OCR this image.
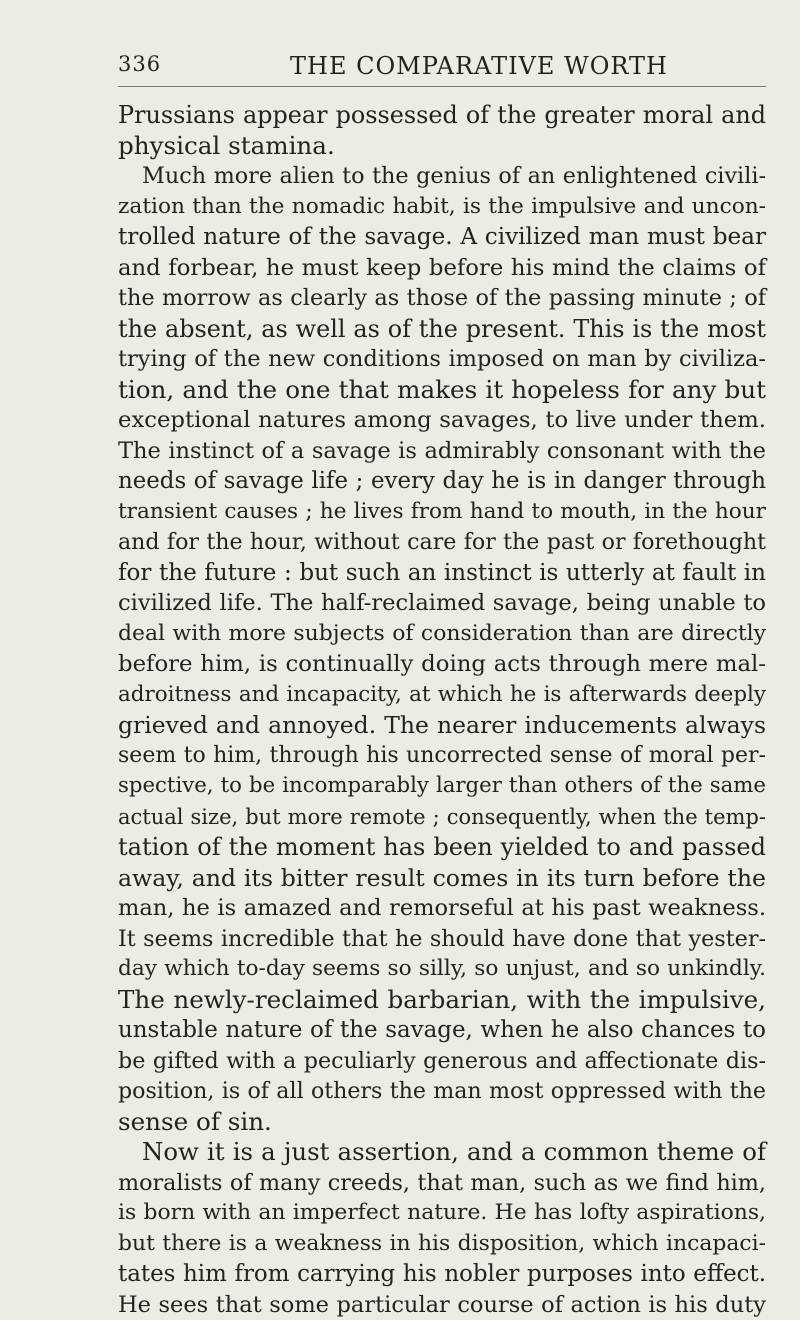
336	THE COMPARATIVE WORTH
Prussians appear possessed of the greater moral and
physical stamina.
Much more alien to the genius of an enlightened civili-
zation than the nomadic habit, is the impulsive and uncon-
trolled nature of the savage. A civilized man must bear
and forbear, he must keep before his mind the claims of
the morrow as clearly as those of the passing minute ; of
the absent, as well as of the present. This is the most
trying of the new conditions imposed on man by civiliza-
tion, and the one that makes it hopeless for any but
exceptional natures among savages, to live under them.
The instinct of a savage is admirably consonant with the
needs of savage life ; every day he is in danger through
transient causes ; he lives from hand to mouth, in the hour
and for the hour, without care for the past or forethought
for the future : but such an instinct is utterly at fault in
civilized life. The half-reclaimed savage, being unable to
deal with more subjects of consideration than are directly
before him, is continually doing acts through mere mal-
adroitness and incapacity, at which he is afterwards deeply
grieved and annoyed. The nearer inducements always
seem to him, through his uncorrected sense of moral per-
spective, to be incomparably larger than others of the same
actual size, but more remote ; consequently, when the temp-
tation of the moment has been yielded to and passed
away, and its bitter result comes in its turn before the
man, he is amazed and remorseful at his past weakness.
It seems incredible that he should have done that yester-
day which to-day seems so silly, so unjust, and so unkindly.
The newly-reclaimed barbarian, with the impulsive,
unstable nature of the savage, when he also chances to
be gifted with a peculiarly generous and affectionate dis-
position, is of all others the man most oppressed with the
sense of sin.
Now it is a just assertion, and a common theme of
moralists of many creeds, that man, such as we find him,
is born with an imperfect nature. He has lofty aspirations,
but there is a weakness in his disposition, which incapaci-
tates him from carrying his nobler purposes into effect.
He sees that some particular course of action is his duty
